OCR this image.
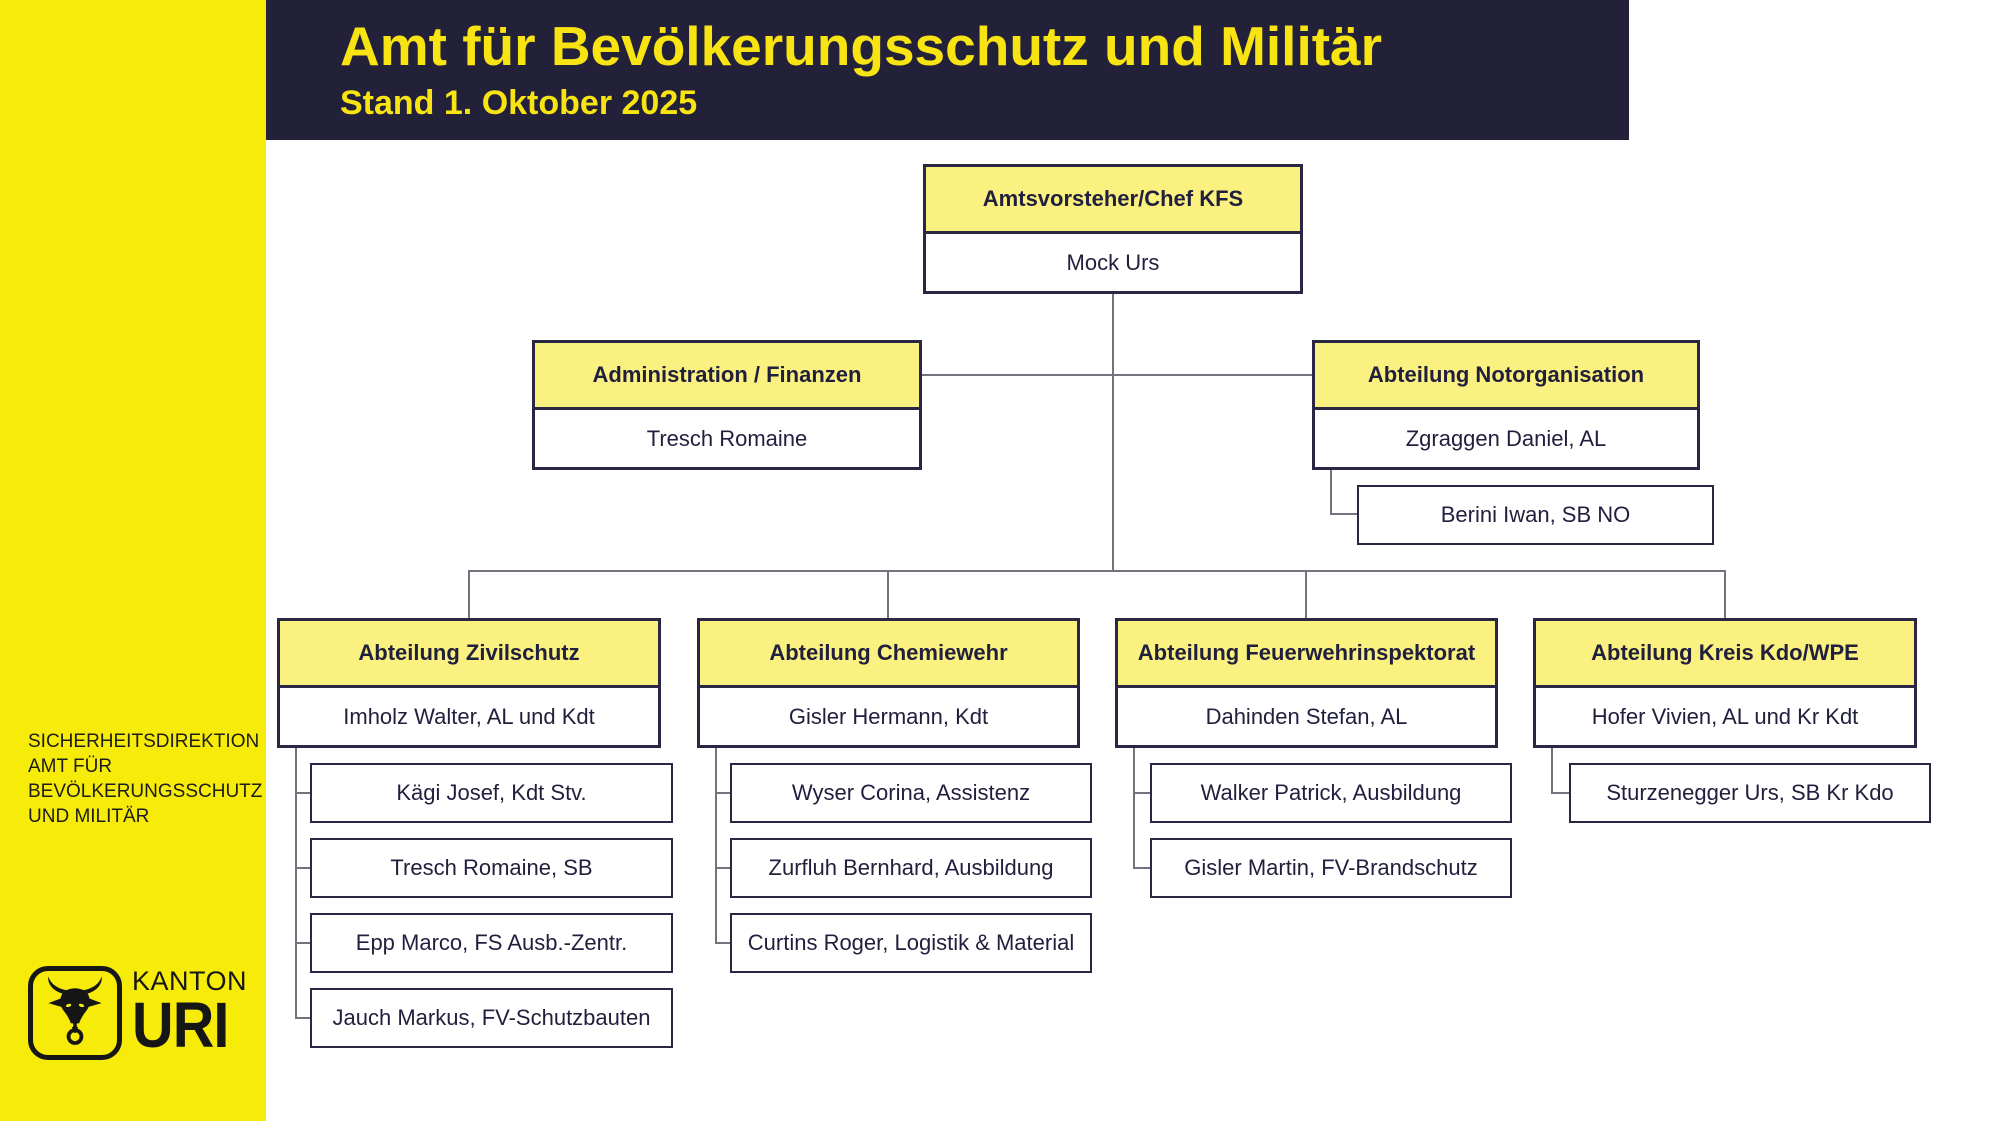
SICHERHEITSDIREKTION
AMT FÜR
BEVÖLKERUNGSSCHUTZ
UND MILITÄR
KANTON
URI
Amt für Bevölkerungsschutz und Militär
Stand 1. Oktober 2025
Amtsvorsteher/Chef KFS
Mock Urs
Administration / Finanzen
Tresch Romaine
Abteilung Notorganisation
Zgraggen Daniel, AL
Berini Iwan, SB NO
Abteilung Zivilschutz
Imholz Walter, AL und Kdt
Kägi Josef, Kdt Stv.
Tresch Romaine, SB
Epp Marco, FS Ausb.-Zentr.
Jauch Markus, FV-Schutzbauten
Abteilung Chemiewehr
Gisler Hermann, Kdt
Wyser Corina, Assistenz
Zurfluh Bernhard, Ausbildung
Curtins Roger, Logistik & Material
Abteilung Feuerwehrinspektorat
Dahinden Stefan, AL
Walker Patrick, Ausbildung
Gisler Martin, FV-Brandschutz
Abteilung Kreis Kdo/WPE
Hofer Vivien, AL und Kr Kdt
Sturzenegger Urs, SB Kr Kdo
